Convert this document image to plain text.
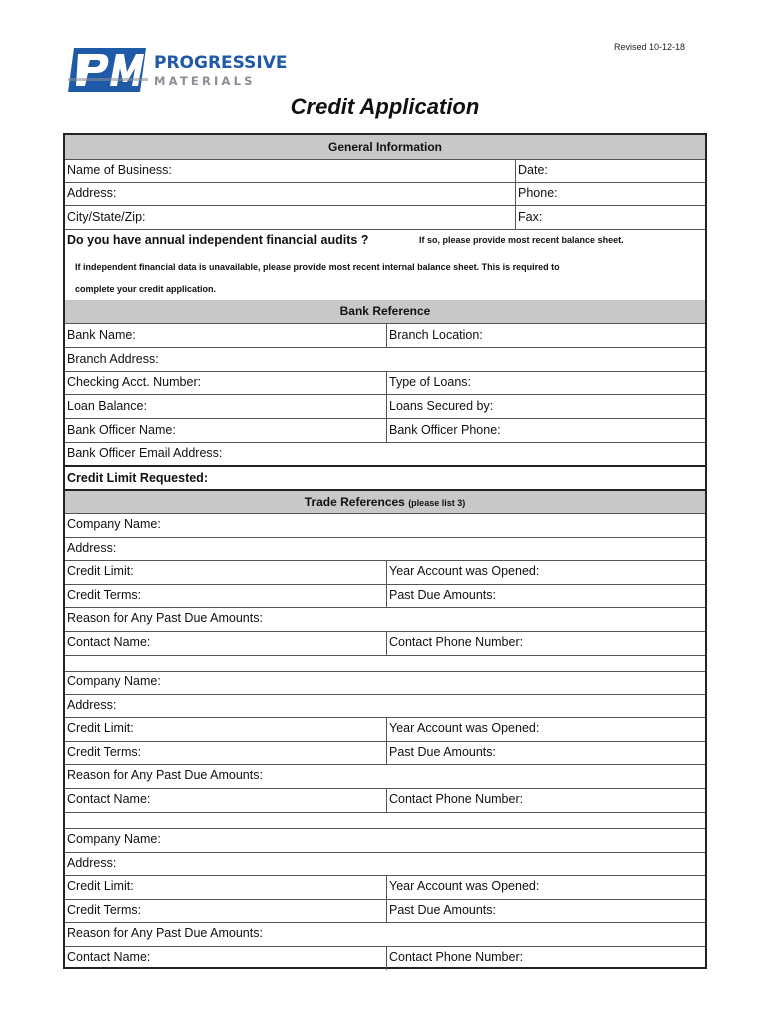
Revised 10-12-18
PROGRESSIVE
MATERIALS
Credit Application
General Information
Name of Business:	Date:
Address:	Phone:
City/State/Zip:	Fax:
Do you have annual independent financial audits ?	If so, please provide most recent balance sheet.
If independent financial data is unavailable, please provide most recent internal balance sheet. This is required to
complete your credit application.
Bank Reference
Bank Name:	Branch Location:
Branch Address:
Checking Acct. Number:	Type of Loans:
Loan Balance:	Loans Secured by:
Bank Officer Name:	Bank Officer Phone:
Bank Officer Email Address:
Credit Limit Requested:
Trade References (please list 3)
Company Name:
Address:
Credit Limit:	Year Account was Opened:
Credit Terms:	Past Due Amounts:
Reason for Any Past Due Amounts:
Contact Name:	Contact Phone Number:
Company Name:
Address:
Credit Limit:	Year Account was Opened:
Credit Terms:	Past Due Amounts:
Reason for Any Past Due Amounts:
Contact Name:	Contact Phone Number:
Company Name:
Address:
Credit Limit:	Year Account was Opened:
Credit Terms:	Past Due Amounts:
Reason for Any Past Due Amounts:
Contact Name:	Contact Phone Number:
